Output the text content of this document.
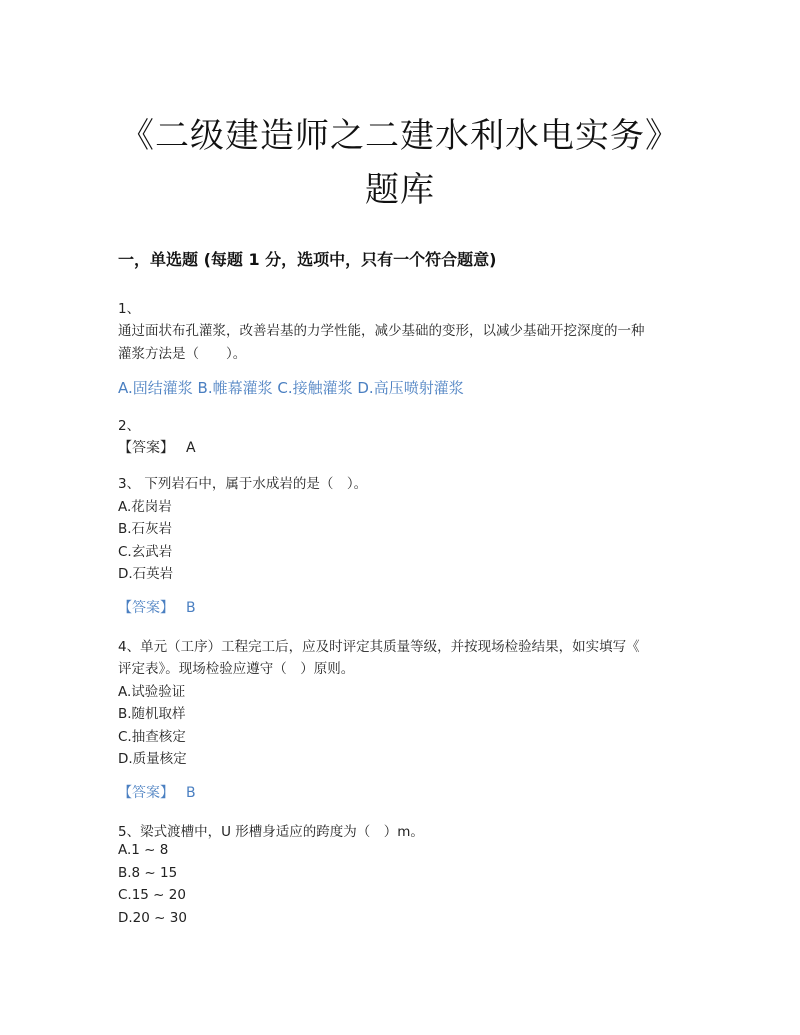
《二级建造师之二建水利水电实务》
题库
一，单选题 (每题 1 分，选项中，只有一个符合题意)
1、
通过面状布孔灌浆，改善岩基的力学性能，减少基础的变形，以减少基础开挖深度的一种
灌浆方法是（　　）。
A.固结灌浆 B.帷幕灌浆 C.接触灌浆 D.高压喷射灌浆
2、
【答案】 A
3、 下列岩石中，属于水成岩的是（　）。
A.花岗岩
B.石灰岩
C.玄武岩
D.石英岩
【答案】 B
4、单元（工序）工程完工后，应及时评定其质量等级，并按现场检验结果，如实填写《
评定表》。现场检验应遵守（　）原则。
A.试验验证
B.随机取样
C.抽查核定
D.质量核定
【答案】 B
5、梁式渡槽中，U 形槽身适应的跨度为（　）m。
A.1 ~ 8
B.8 ~ 15
C.15 ~ 20
D.20 ~ 30
